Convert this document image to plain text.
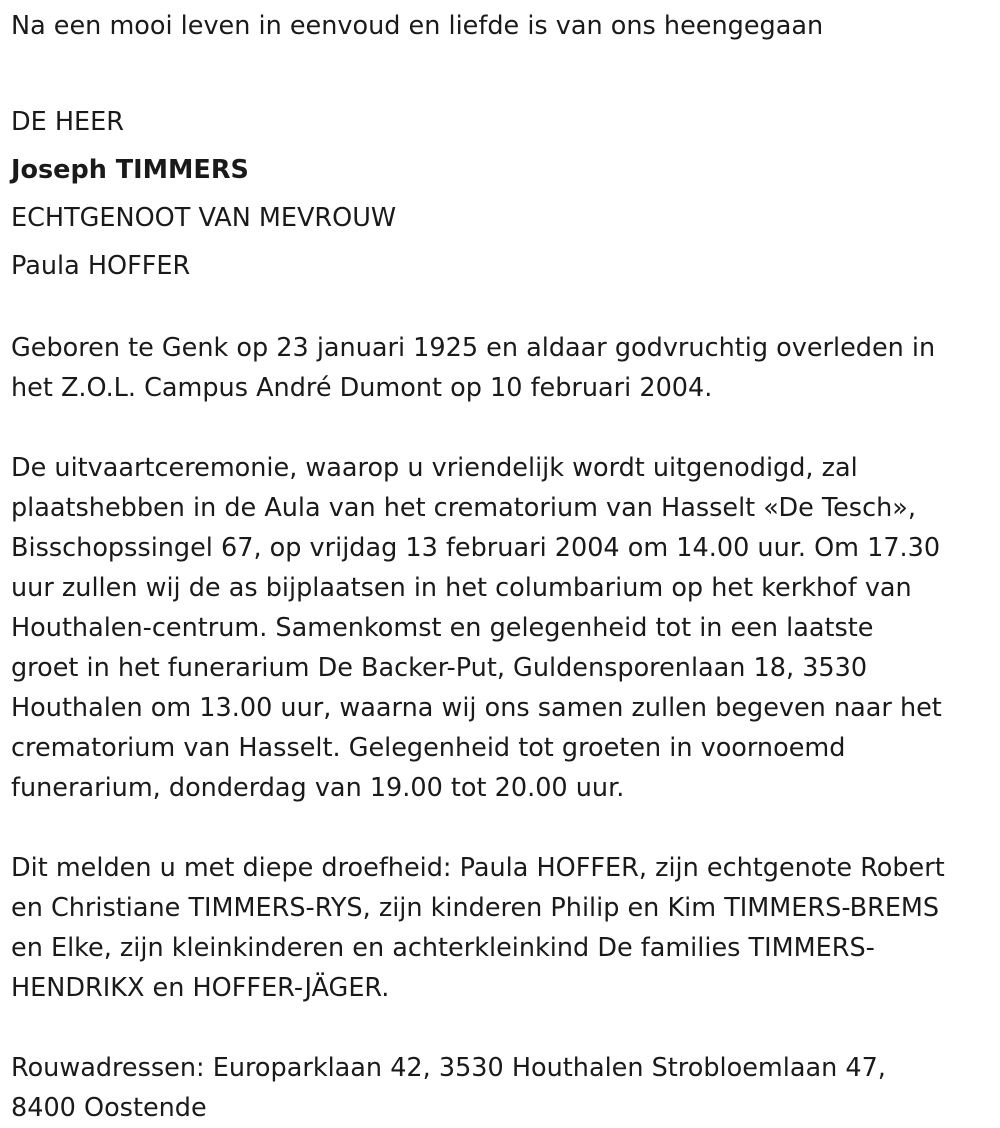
Na een mooi leven in eenvoud en liefde is van ons heengegaan

DE HEER

Joseph TIMMERS

ECHTGENOOT VAN MEVROUW

Paula HOFFER

Geboren te Genk op 23 januari 1925 en aldaar godvruchtig overleden in
het Z.O.L. Campus André Dumont op 10 februari 2004.
De uitvaartceremonie, waarop u vriendelijk wordt uitgenodigd, zal
plaatshebben in de Aula van het crematorium van Hasselt «De Tesch»,
Bisschopssingel 67, op vrijdag 13 februari 2004 om 14.00 uur. Om 17.30
uur zullen wij de as bijplaatsen in het columbarium op het kerkhof van
Houthalen-centrum. Samenkomst en gelegenheid tot in een laatste
groet in het funerarium De Backer-Put, Guldensporenlaan 18, 3530
Houthalen om 13.00 uur, waarna wij ons samen zullen begeven naar het
crematorium van Hasselt. Gelegenheid tot groeten in voornoemd
funerarium, donderdag van 19.00 tot 20.00 uur.
Dit melden u met diepe droefheid: Paula HOFFER, zijn echtgenote Robert
en Christiane TIMMERS-RYS, zijn kinderen Philip en Kim TIMMERS-BREMS
en Elke, zijn kleinkinderen en achterkleinkind De families TIMMERS-
HENDRIKX en HOFFER-JÄGER.
Rouwadressen: Europarklaan 42, 3530 Houthalen Strobloemlaan 47,
8400 Oostende
